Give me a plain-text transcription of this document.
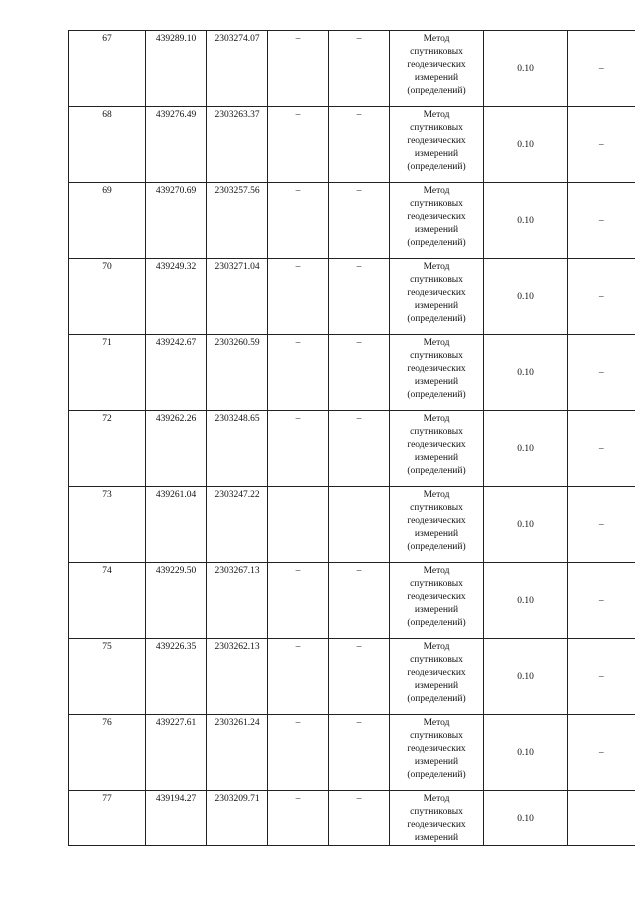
67	439289.10	2303274.07	–	–	Метод
спутниковых
геодезических
измерений
(определений)	0.10	–
68	439276.49	2303263.37	–	–	Метод
спутниковых
геодезических
измерений
(определений)	0.10	–
69	439270.69	2303257.56	–	–	Метод
спутниковых
геодезических
измерений
(определений)	0.10	–
70	439249.32	2303271.04	–	–	Метод
спутниковых
геодезических
измерений
(определений)	0.10	–
71	439242.67	2303260.59	–	–	Метод
спутниковых
геодезических
измерений
(определений)	0.10	–
72	439262.26	2303248.65	–	–	Метод
спутниковых
геодезических
измерений
(определений)	0.10	–
73	439261.04	2303247.22			Метод
спутниковых
геодезических
измерений
(определений)	0.10	–
74	439229.50	2303267.13	–	–	Метод
спутниковых
геодезических
измерений
(определений)	0.10	–
75	439226.35	2303262.13	–	–	Метод
спутниковых
геодезических
измерений
(определений)	0.10	–
76	439227.61	2303261.24	–	–	Метод
спутниковых
геодезических
измерений
(определений)	0.10	–
77	439194.27	2303209.71	–	–	Метод
спутниковых
геодезических
измерений	0.10	
